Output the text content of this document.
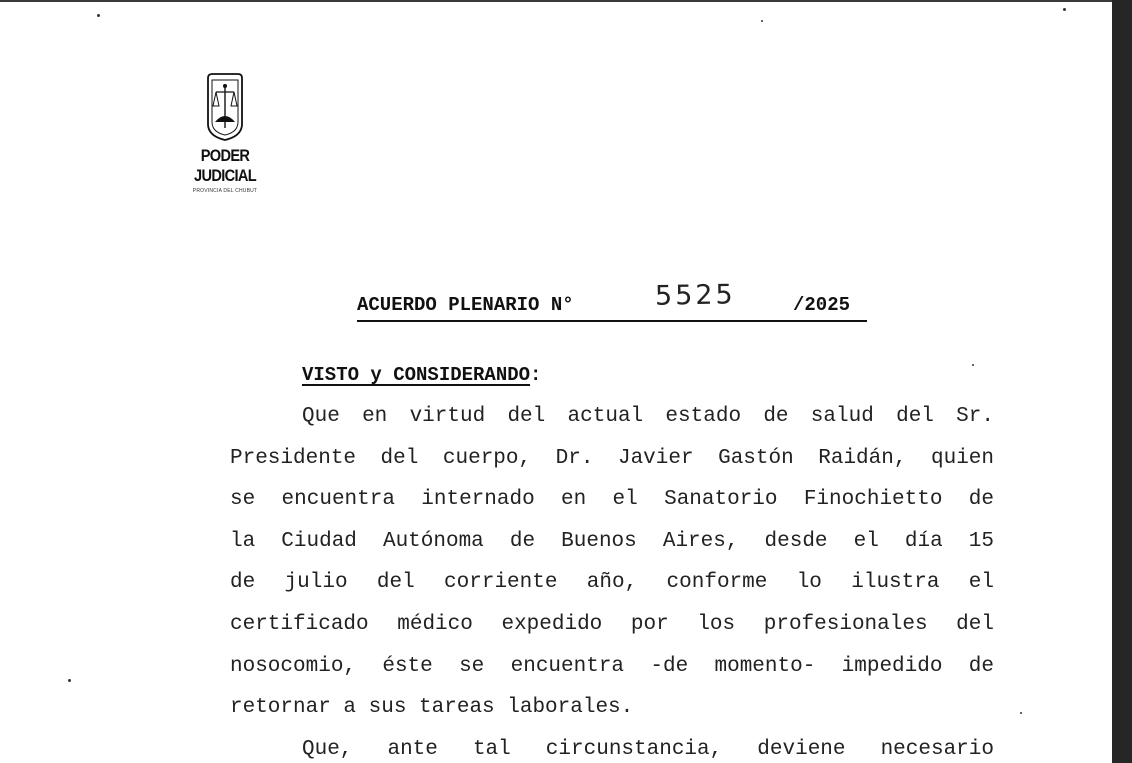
PODER JUDICIAL
PROVINCIA DEL CHUBUT
ACUERDO PLENARIO N°	5525	/2025

VISTO y CONSIDERANDO:

Que en virtud del actual estado de salud del Sr.
Presidente del cuerpo, Dr. Javier Gastón Raidán, quien
se encuentra internado en el Sanatorio Finochietto de
la Ciudad Autónoma de Buenos Aires, desde el día 15
de julio del corriente año, conforme lo ilustra el
certificado médico expedido por los profesionales del
nosocomio, éste se encuentra -de momento- impedido de
retornar a sus tareas laborales.

Que, ante tal circunstancia, deviene necesario
